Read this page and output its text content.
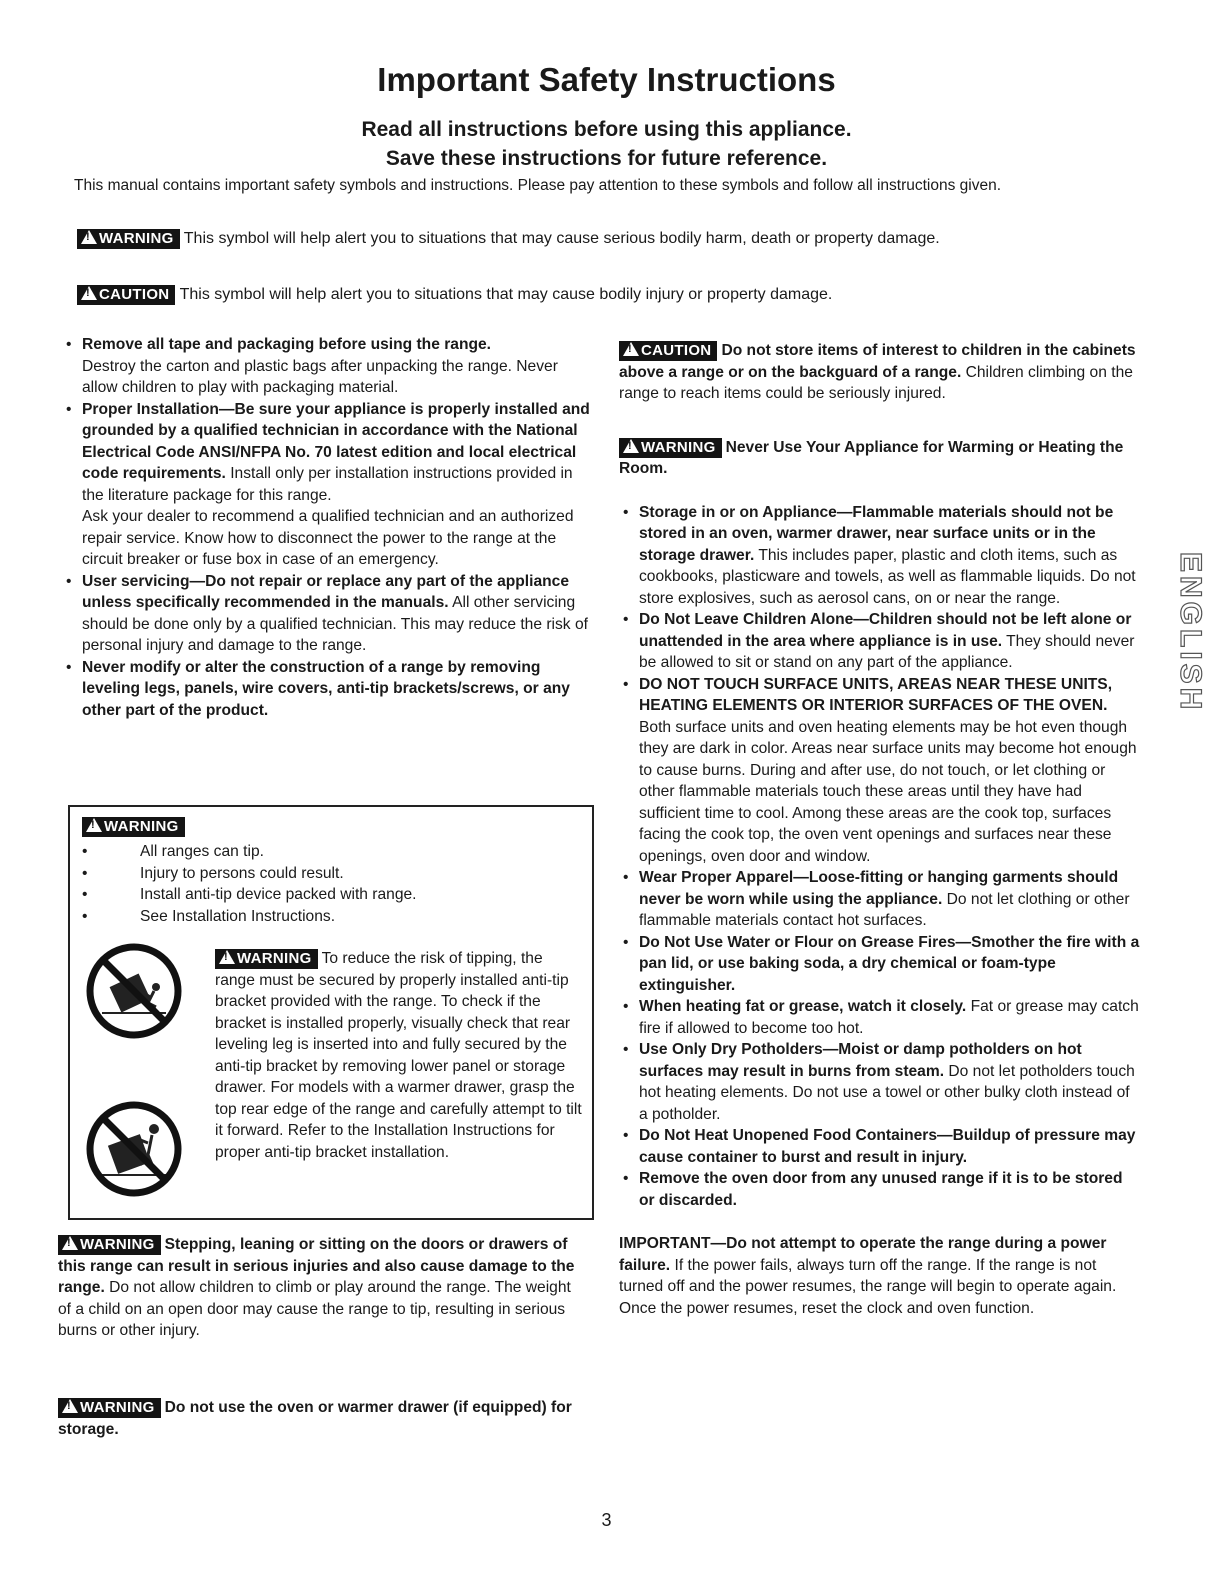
Important Safety Instructions
Read all instructions before using this appliance.
Save these instructions for future reference.
This manual contains important safety symbols and instructions. Please pay attention to these symbols and follow all instructions given.
!WARNING This symbol will help alert you to situations that may cause serious bodily harm, death or property damage.
!CAUTION This symbol will help alert you to situations that may cause bodily injury or property damage.

• Remove all tape and packaging before using the range.
Destroy the carton and plastic bags after unpacking the range. Never allow children to play with packaging material.

• Proper Installation—Be sure your appliance is properly installed and grounded by a qualified technician in accordance with the National Electrical Code ANSI/NFPA No. 70 latest edition and local electrical code requirements. Install only per installation instructions provided in the literature package for this range.
Ask your dealer to recommend a qualified technician and an authorized repair service. Know how to disconnect the power to the range at the circuit breaker or fuse box in case of an emergency.

• User servicing—Do not repair or replace any part of the appliance unless specifically recommended in the manuals. All other servicing should be done only by a qualified technician. This may reduce the risk of personal injury and damage to the range.

• Never modify or alter the construction of a range by removing leveling legs, panels, wire covers, anti-tip brackets/screws, or any other part of the product.

!WARNING
• All ranges can tip.
• Injury to persons could result.
• Install anti-tip device packed with range.
• See Installation Instructions.
!WARNING To reduce the risk of tipping, the range must be secured by properly installed anti-tip bracket provided with the range. To check if the bracket is installed properly, visually check that rear leveling leg is inserted into and fully secured by the anti-tip bracket by removing lower panel or storage drawer. For models with a warmer drawer, grasp the top rear edge of the range and carefully attempt to tilt it forward. Refer to the Installation Instructions for proper anti-tip bracket installation.
!WARNING Stepping, leaning or sitting on the doors or drawers of this range can result in serious injuries and also cause damage to the range. Do not allow children to climb or play around the range. The weight of a child on an open door may cause the range to tip, resulting in serious burns or other injury.
!WARNING Do not use the oven or warmer drawer (if equipped) for storage.

!CAUTION Do not store items of interest to children in the cabinets above a range or on the backguard of a range. Children climbing on the range to reach items could be seriously injured.

!WARNING Never Use Your Appliance for Warming or Heating the Room.

• Storage in or on Appliance—Flammable materials should not be stored in an oven, warmer drawer, near surface units or in the storage drawer. This includes paper, plastic and cloth items, such as cookbooks, plasticware and towels, as well as flammable liquids. Do not store explosives, such as aerosol cans, on or near the range.

• Do Not Leave Children Alone—Children should not be left alone or unattended in the area where appliance is in use. They should never be allowed to sit or stand on any part of the appliance.

• DO NOT TOUCH SURFACE UNITS, AREAS NEAR THESE UNITS, HEATING ELEMENTS OR INTERIOR SURFACES OF THE OVEN. Both surface units and oven heating elements may be hot even though they are dark in color. Areas near surface units may become hot enough to cause burns. During and after use, do not touch, or let clothing or other flammable materials touch these areas until they have had sufficient time to cool. Among these areas are the cook top, surfaces facing the cook top, the oven vent openings and surfaces near these openings, oven door and window.

• Wear Proper Apparel—Loose-fitting or hanging garments should never be worn while using the appliance. Do not let clothing or other flammable materials contact hot surfaces.

• Do Not Use Water or Flour on Grease Fires—Smother the fire with a pan lid, or use baking soda, a dry chemical or foam-type extinguisher.

• When heating fat or grease, watch it closely. Fat or grease may catch fire if allowed to become too hot.

• Use Only Dry Potholders—Moist or damp potholders on hot surfaces may result in burns from steam. Do not let potholders touch hot heating elements. Do not use a towel or other bulky cloth instead of a potholder.

• Do Not Heat Unopened Food Containers—Buildup of pressure may cause container to burst and result in injury.

• Remove the oven door from any unused range if it is to be stored or discarded.

IMPORTANT—Do not attempt to operate the range during a power failure. If the power fails, always turn off the range. If the range is not turned off and the power resumes, the range will begin to operate again. Once the power resumes, reset the clock and oven function.

ENGLISH
3
